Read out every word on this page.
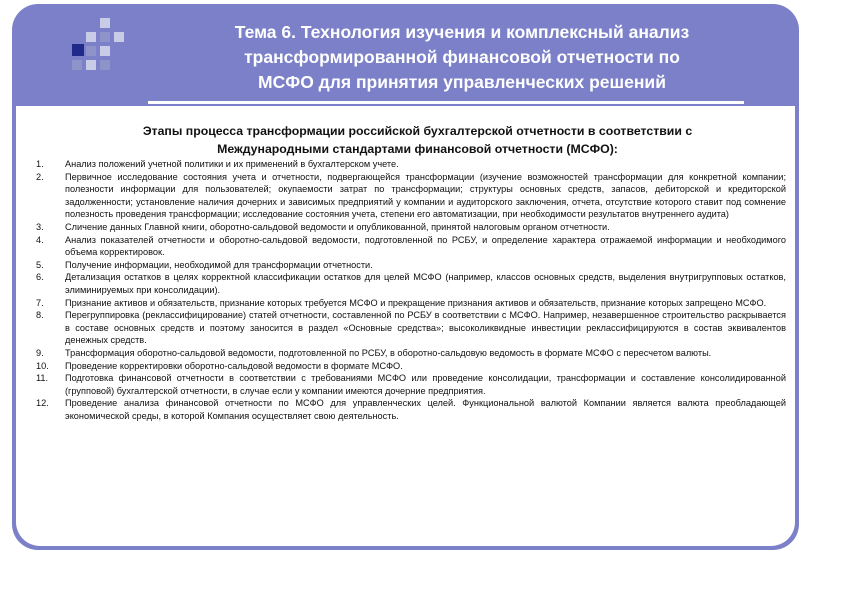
Тема 6. Технология изучения и комплексный анализ
трансформированной финансовой отчетности по
МСФО для принятия управленческих решений
Этапы процесса трансформации российской бухгалтерской отчетности в соответствии с
Международными стандартами финансовой отчетности (МСФО):
1. Анализ положений учетной политики и их применений в бухгалтерском учете.
2. Первичное исследование состояния учета и отчетности, подвергающейся трансформации (изучение возможностей трансформации для конкретной компании; полезности информации для пользователей; окупаемости затрат по трансформации; структуры основных средств, запасов, дебиторской и кредиторской задолженности; установление наличия дочерних и зависимых предприятий у компании и аудиторского заключения, отчета, отсутствие которого ставит под сомнение полезность проведения трансформации; исследование состояния учета, степени его автоматизации, при необходимости результатов внутреннего аудита)
3. Сличение данных Главной книги, оборотно-сальдовой ведомости и опубликованной, принятой налоговым органом отчетности.
4. Анализ показателей отчетности и оборотно-сальдовой ведомости, подготовленной по РСБУ, и определение характера отражаемой информации и необходимого объема корректировок.
5. Получение информации, необходимой для трансформации отчетности.
6. Детализация остатков в целях корректной классификации остатков для целей МСФО (например, классов основных средств, выделения внутригрупповых остатков, элиминируемых при консолидации).
7. Признание активов и обязательств, признание которых требуется МСФО и прекращение признания активов и обязательств, признание которых запрещено МСФО.
8. Перегруппировка (реклассифицирование) статей отчетности, составленной по РСБУ в соответствии с МСФО. Например, незавершенное строительство раскрывается в составе основных средств и поэтому заносится в раздел «Основные средства»; высоколиквидные инвестиции реклассифицируются в состав эквивалентов денежных средств.
9. Трансформация оборотно-сальдовой ведомости, подготовленной по РСБУ, в оборотно-сальдовую ведомость в формате МСФО с пересчетом валюты.
10. Проведение корректировки оборотно-сальдовой ведомости в формате МСФО.
11. Подготовка финансовой отчетности в соответствии с требованиями МСФО или проведение консолидации, трансформации и составление консолидированной (групповой) бухгалтерской отчетности, в случае если у компании имеются дочерние предприятия.
12. Проведение анализа финансовой отчетности по МСФО для управленческих целей. Функциональной валютой Компании является валюта преобладающей экономической среды, в которой Компания осуществляет свою деятельность.
